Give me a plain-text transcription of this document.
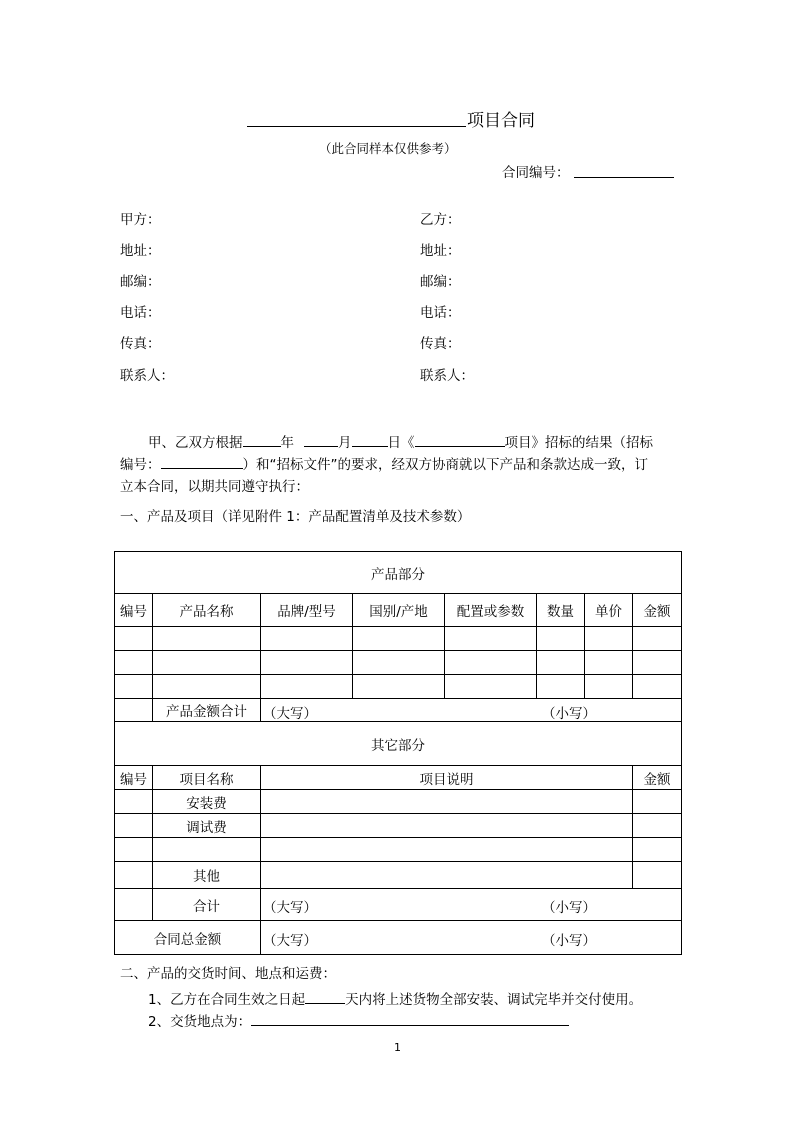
项目合同
（此合同样本仅供参考）
合同编号：
甲方：
地址：
邮编：
电话：
传真：
联系人：
乙方：
地址：
邮编：
电话：
传真：
联系人：
甲、乙双方根据	年	月	日《	项目》招标的结果（招标
编号：	）和“招标文件”的要求，经双方协商就以下产品和条款达成一致，订
立本合同，以期共同遵守执行：
一、产品及项目（详见附件 1：产品配置清单及技术参数）
产品部分							
编号	产品名称	品牌/型号	国别/产地	配置或参数	数量	单价	金额

	产品金额合计	（大写） （小写）					

其它部分							
编号	项目名称	项目说明					金额
	安装费						
	调试费						

	其他						
	合计	（大写） （小写）					

合同总金额		（大写） （小写）					
二、产品的交货时间、地点和运费：
1、乙方在合同生效之日起	天内将上述货物全部安装、调试完毕并交付使用。
2、交货地点为：
1
